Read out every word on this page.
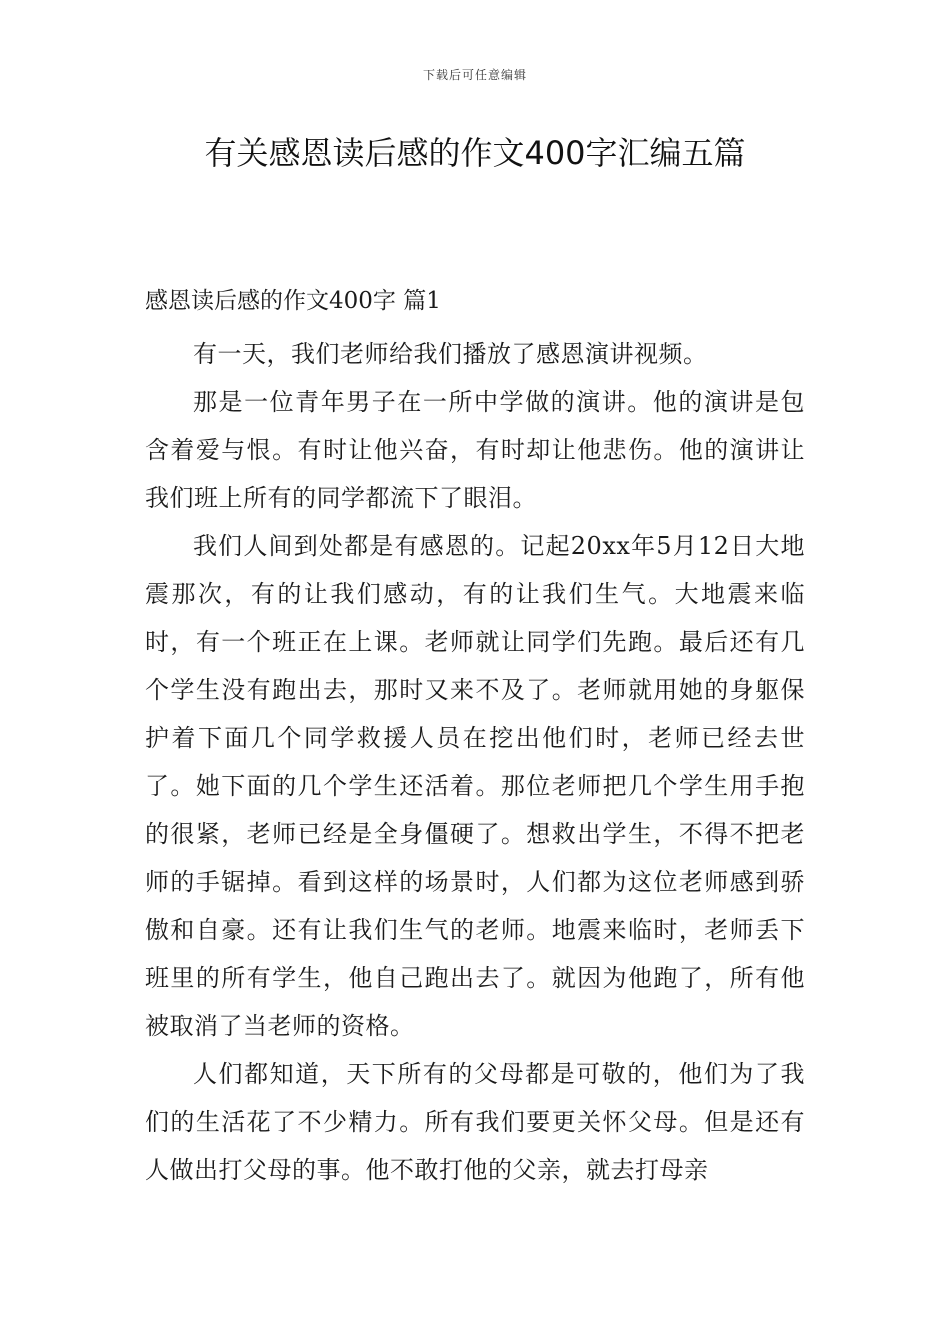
下载后可任意编辑
有关感恩读后感的作文400字汇编五篇

感恩读后感的作文400字 篇1

有一天，我们老师给我们播放了感恩演讲视频。

那是一位青年男子在一所中学做的演讲。他的演讲是包含着爱与恨。有时让他兴奋，有时却让他悲伤。他的演讲让我们班上所有的同学都流下了眼泪。

我们人间到处都是有感恩的。记起20xx年5月12日大地震那次，有的让我们感动，有的让我们生气。大地震来临时，有一个班正在上课。老师就让同学们先跑。最后还有几个学生没有跑出去，那时又来不及了。老师就用她的身躯保护着下面几个同学救援人员在挖出他们时，老师已经去世了。她下面的几个学生还活着。那位老师把几个学生用手抱的很紧，老师已经是全身僵硬了。想救出学生，不得不把老师的手锯掉。看到这样的场景时，人们都为这位老师感到骄傲和自豪。还有让我们生气的老师。地震来临时，老师丢下班里的所有学生，他自己跑出去了。就因为他跑了，所有他被取消了当老师的资格。

人们都知道，天下所有的父母都是可敬的，他们为了我们的生活花了不少精力。所有我们要更关怀父母。但是还有人做出打父母的事。他不敢打他的父亲，就去打母亲
